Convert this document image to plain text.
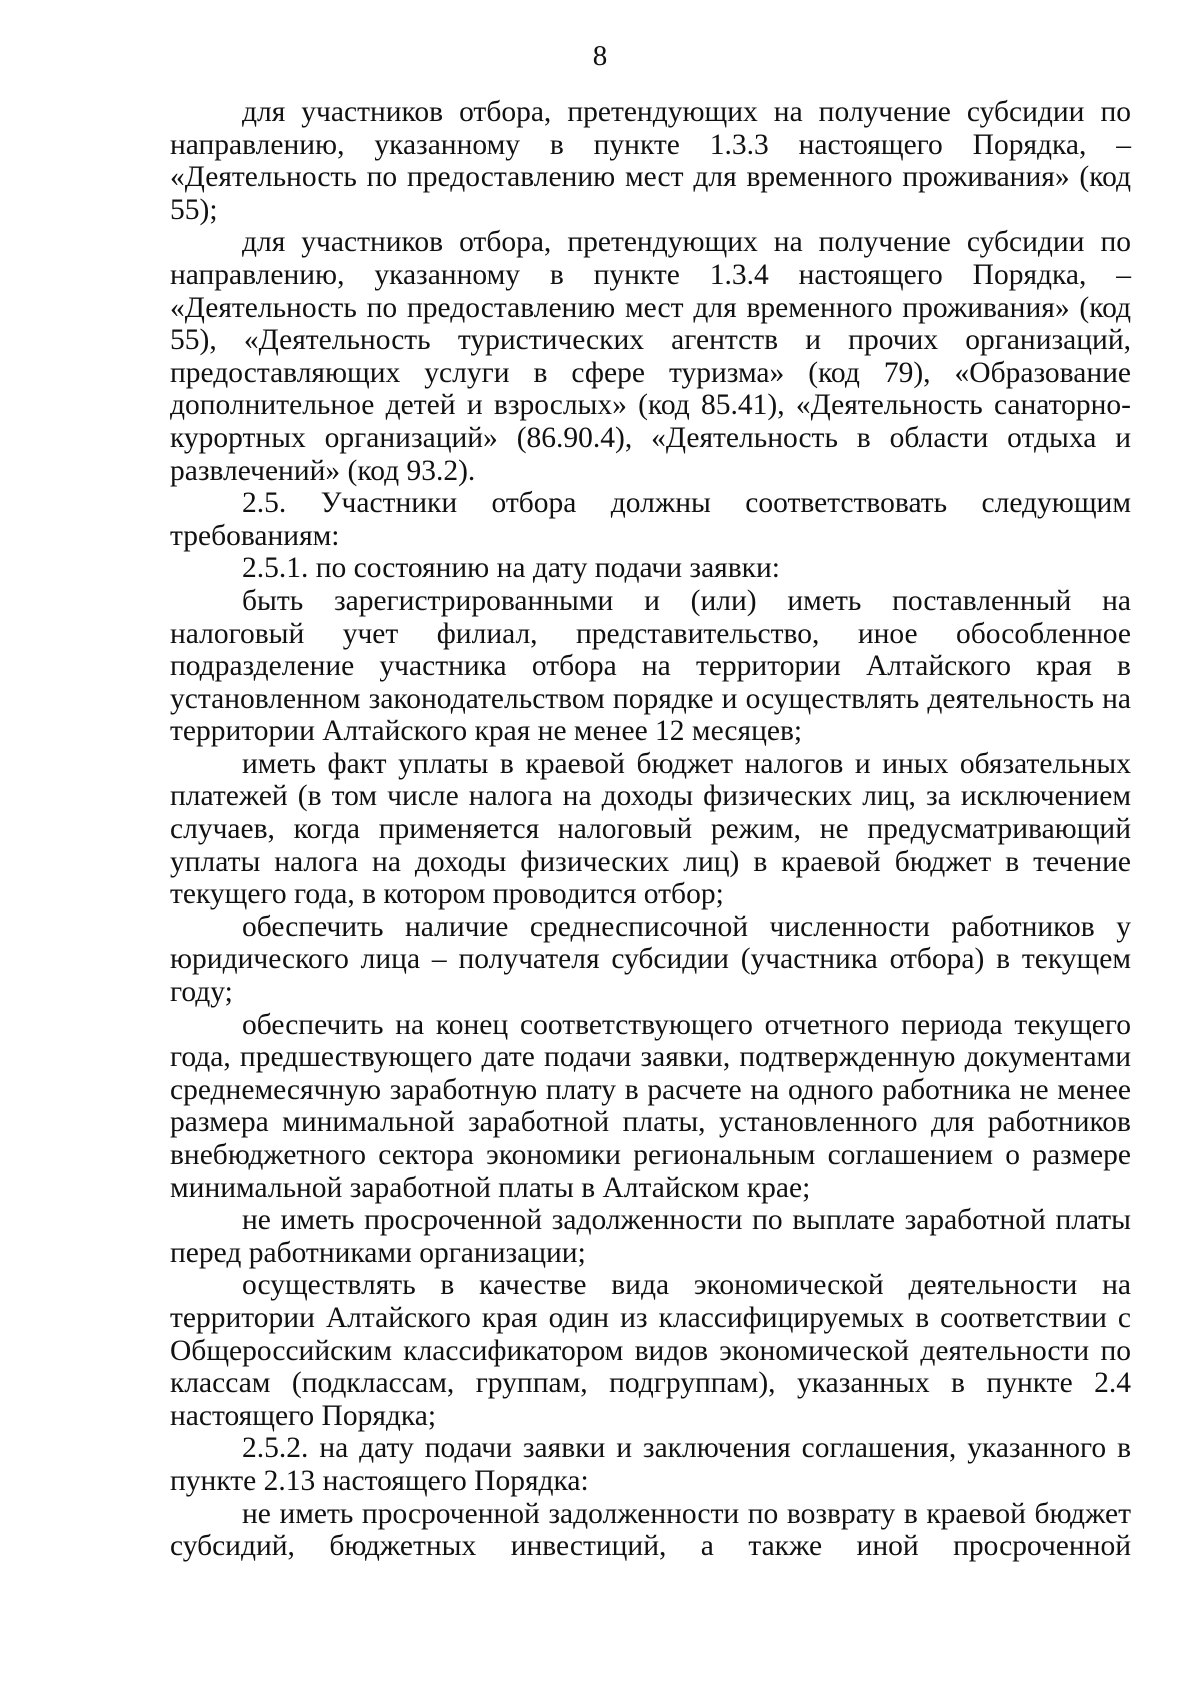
8

для участников отбора, претендующих на получение субсидии по направлению, указанному в пункте 1.3.3 настоящего Порядка, – «Деятельность по предоставлению мест для временного проживания» (код 55);

для участников отбора, претендующих на получение субсидии по направлению, указанному в пункте 1.3.4 настоящего Порядка, – «Деятельность по предоставлению мест для временного проживания» (код 55), «Деятельность туристических агентств и прочих организаций, предоставляющих услуги в сфере туризма» (код 79), «Образование дополнительное детей и взрослых» (код 85.41), «Деятельность санаторно-курортных организаций» (86.90.4), «Деятельность в области отдыха и развлечений» (код 93.2).

2.5. Участники отбора должны соответствовать следующим требованиям:

2.5.1. по состоянию на дату подачи заявки:

быть зарегистрированными и (или) иметь поставленный на налоговый учет филиал, представительство, иное обособленное подразделение участника отбора на территории Алтайского края в установленном законодательством порядке и осуществлять деятельность на территории Алтайского края не менее 12 месяцев;

иметь факт уплаты в краевой бюджет налогов и иных обязательных платежей (в том числе налога на доходы физических лиц, за исключением случаев, когда применяется налоговый режим, не предусматривающий уплаты налога на доходы физических лиц) в краевой бюджет в течение текущего года, в котором проводится отбор;

обеспечить наличие среднесписочной численности работников у юридического лица – получателя субсидии (участника отбора) в текущем году;

обеспечить на конец соответствующего отчетного периода текущего года, предшествующего дате подачи заявки, подтвержденную документами среднемесячную заработную плату в расчете на одного работника не менее размера минимальной заработной платы, установленного для работников внебюджетного сектора экономики региональным соглашением о размере минимальной заработной платы в Алтайском крае;

не иметь просроченной задолженности по выплате заработной платы перед работниками организации;

осуществлять в качестве вида экономической деятельности на территории Алтайского края один из классифицируемых в соответствии с Общероссийским классификатором видов экономической деятельности по классам (подклассам, группам, подгруппам), указанных в пункте 2.4 настоящего Порядка;

2.5.2. на дату подачи заявки и заключения соглашения, указанного в пункте 2.13 настоящего Порядка:

не иметь просроченной задолженности по возврату в краевой бюджет субсидий, бюджетных инвестиций, а также иной просроченной
